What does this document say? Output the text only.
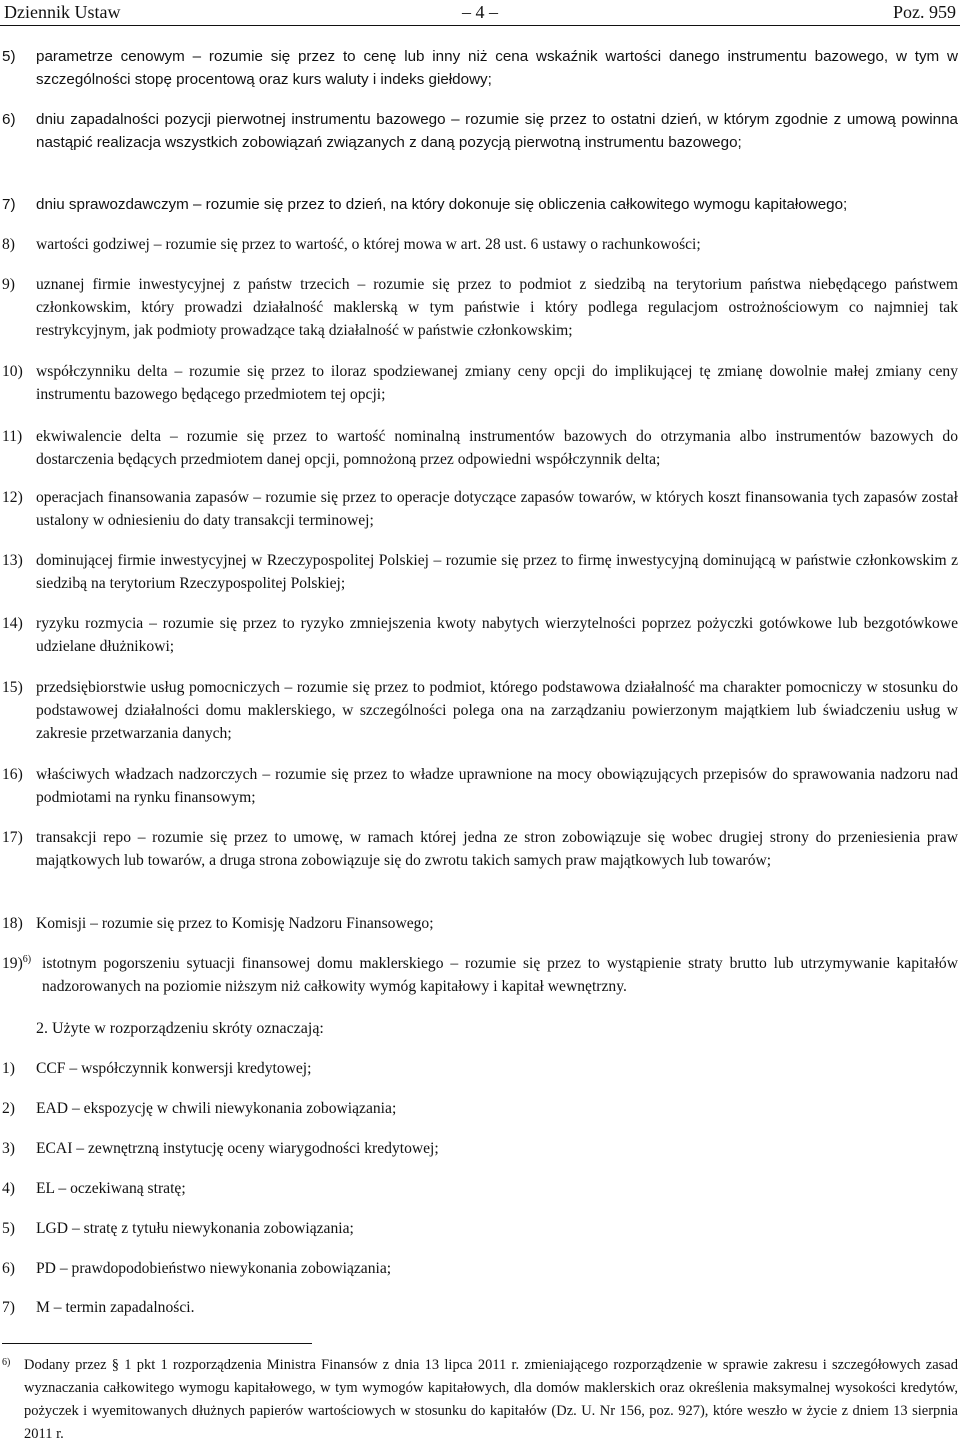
Dziennik Ustaw	– 4 –	Poz. 959
5)	parametrze cenowym – rozumie się przez to cenę lub inny niż cena wskaźnik wartości danego instrumentu bazowego, w tym w szczególności stopę procentową oraz kurs waluty i indeks giełdowy;
6)	dniu zapadalności pozycji pierwotnej instrumentu bazowego – rozumie się przez to ostatni dzień, w którym zgodnie z umową powinna nastąpić realizacja wszystkich zobowiązań związanych z daną pozycją pierwotną instrumentu bazowego;
7)	dniu sprawozdawczym – rozumie się przez to dzień, na który dokonuje się obliczenia całkowitego wymogu kapitałowego;
8)	wartości godziwej – rozumie się przez to wartość, o której mowa w art. 28 ust. 6 ustawy o rachunkowości;
9)	uznanej firmie inwestycyjnej z państw trzecich – rozumie się przez to podmiot z siedzibą na terytorium państwa niebędącego państwem członkowskim, który prowadzi działalność maklerską w tym państwie i który podlega regulacjom ostrożnościowym co najmniej tak restrykcyjnym, jak podmioty prowadzące taką działalność w państwie członkowskim;
10) współczynniku delta – rozumie się przez to iloraz spodziewanej zmiany ceny opcji do implikującej tę zmianę dowolnie małej zmiany ceny instrumentu bazowego będącego przedmiotem tej opcji;
11) ekwiwalencie delta – rozumie się przez to wartość nominalną instrumentów bazowych do otrzymania albo instrumentów bazowych do dostarczenia będących przedmiotem danej opcji, pomnożoną przez odpowiedni współczynnik delta;
12) operacjach finansowania zapasów – rozumie się przez to operacje dotyczące zapasów towarów, w których koszt finansowania tych zapasów został ustalony w odniesieniu do daty transakcji terminowej;
13) dominującej firmie inwestycyjnej w Rzeczypospolitej Polskiej – rozumie się przez to firmę inwestycyjną dominującą w państwie członkowskim z siedzibą na terytorium Rzeczypospolitej Polskiej;
14) ryzyku rozmycia – rozumie się przez to ryzyko zmniejszenia kwoty nabytych wierzytelności poprzez pożyczki gotówkowe lub bezgotówkowe udzielane dłużnikowi;
15) przedsiębiorstwie usług pomocniczych – rozumie się przez to podmiot, którego podstawowa działalność ma charakter pomocniczy w stosunku do podstawowej działalności domu maklerskiego, w szczególności polega ona na zarządzaniu powierzonym majątkiem lub świadczeniu usług w zakresie przetwarzania danych;
16) właściwych władzach nadzorczych – rozumie się przez to władze uprawnione na mocy obowiązujących przepisów do sprawowania nadzoru nad podmiotami na rynku finansowym;
17) transakcji repo – rozumie się przez to umowę, w ramach której jedna ze stron zobowiązuje się wobec drugiej strony do przeniesienia praw majątkowych lub towarów, a druga strona zobowiązuje się do zwrotu takich samych praw majątkowych lub towarów;
18) Komisji – rozumie się przez to Komisję Nadzoru Finansowego;
19)$^{6)}$ istotnym pogorszeniu sytuacji finansowej domu maklerskiego – rozumie się przez to wystąpienie straty brutto lub utrzymywanie kapitałów nadzorowanych na poziomie niższym niż całkowity wymóg kapitałowy i kapitał wewnętrzny.
2. Użyte w rozporządzeniu skróty oznaczają:
1)	CCF – współczynnik konwersji kredytowej;
2)	EAD – ekspozycję w chwili niewykonania zobowiązania;
3)	ECAI – zewnętrzną instytucję oceny wiarygodności kredytowej;
4)	EL – oczekiwaną stratę;
5)	LGD – stratę z tytułu niewykonania zobowiązania;
6)	PD – prawdopodobieństwo niewykonania zobowiązania;
7)	M – termin zapadalności.
6) Dodany przez § 1 pkt 1 rozporządzenia Ministra Finansów z dnia 13 lipca 2011 r. zmieniającego rozporządzenie w sprawie zakresu i szczegółowych zasad wyznaczania całkowitego wymogu kapitałowego, w tym wymogów kapitałowych, dla domów maklerskich oraz określenia maksymalnej wysokości kredytów, pożyczek i wyemitowanych dłużnych papierów wartościowych w stosunku do kapitałów (Dz. U. Nr 156, poz. 927), które weszło w życie z dniem 13 sierpnia 2011 r.
